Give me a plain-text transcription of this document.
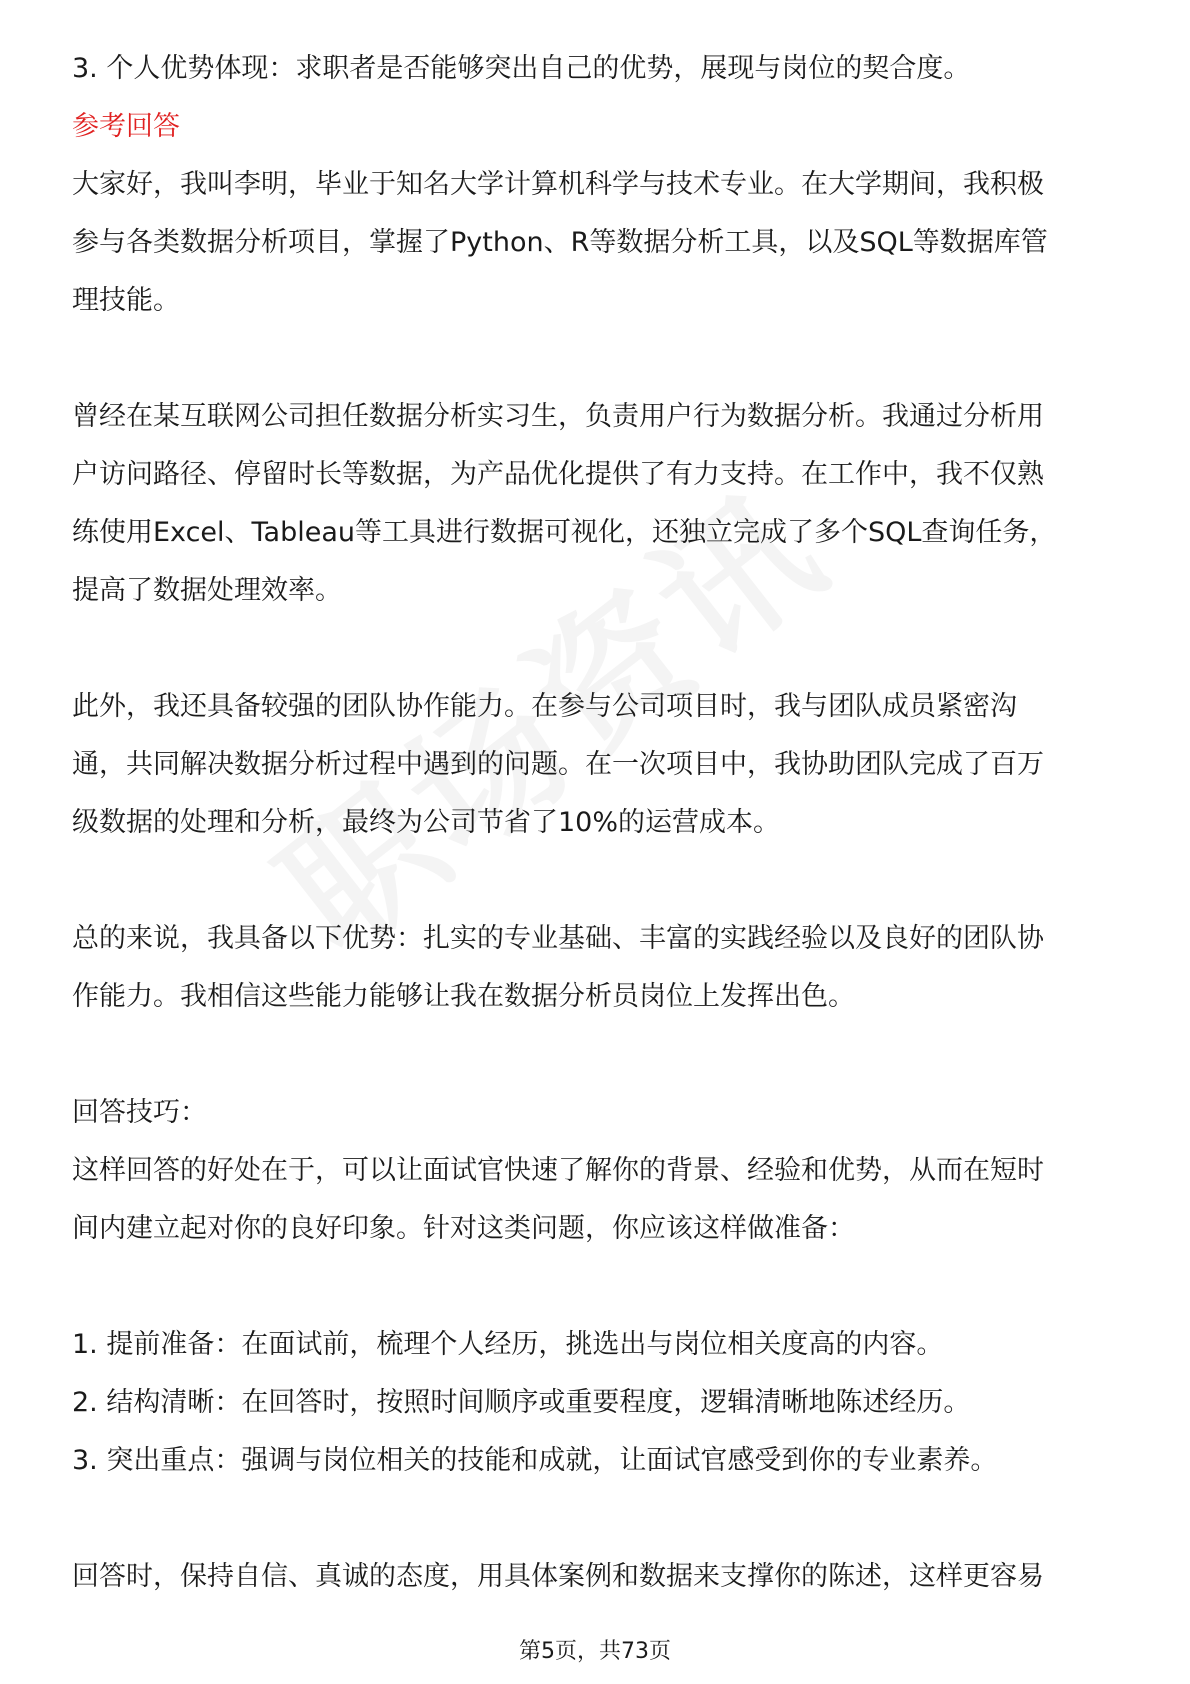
3. 个人优势体现：求职者是否能够突出自己的优势，展现与岗位的契合度。
参考回答
大家好，我叫李明，毕业于知名大学计算机科学与技术专业。在大学期间，我积极
参与各类数据分析项目，掌握了Python、R等数据分析工具，以及SQL等数据库管
理技能。
曾经在某互联网公司担任数据分析实习生，负责用户行为数据分析。我通过分析用
户访问路径、停留时长等数据，为产品优化提供了有力支持。在工作中，我不仅熟
练使用Excel、Tableau等工具进行数据可视化，还独立完成了多个SQL查询任务，
提高了数据处理效率。
此外，我还具备较强的团队协作能力。在参与公司项目时，我与团队成员紧密沟
通，共同解决数据分析过程中遇到的问题。在一次项目中，我协助团队完成了百万
级数据的处理和分析，最终为公司节省了10%的运营成本。
总的来说，我具备以下优势：扎实的专业基础、丰富的实践经验以及良好的团队协
作能力。我相信这些能力能够让我在数据分析员岗位上发挥出色。
回答技巧：
这样回答的好处在于，可以让面试官快速了解你的背景、经验和优势，从而在短时
间内建立起对你的良好印象。针对这类问题，你应该这样做准备：
1. 提前准备：在面试前，梳理个人经历，挑选出与岗位相关度高的内容。
2. 结构清晰：在回答时，按照时间顺序或重要程度，逻辑清晰地陈述经历。
3. 突出重点：强调与岗位相关的技能和成就，让面试官感受到你的专业素养。
回答时，保持自信、真诚的态度，用具体案例和数据来支撑你的陈述，这样更容易
第5页，共73页
